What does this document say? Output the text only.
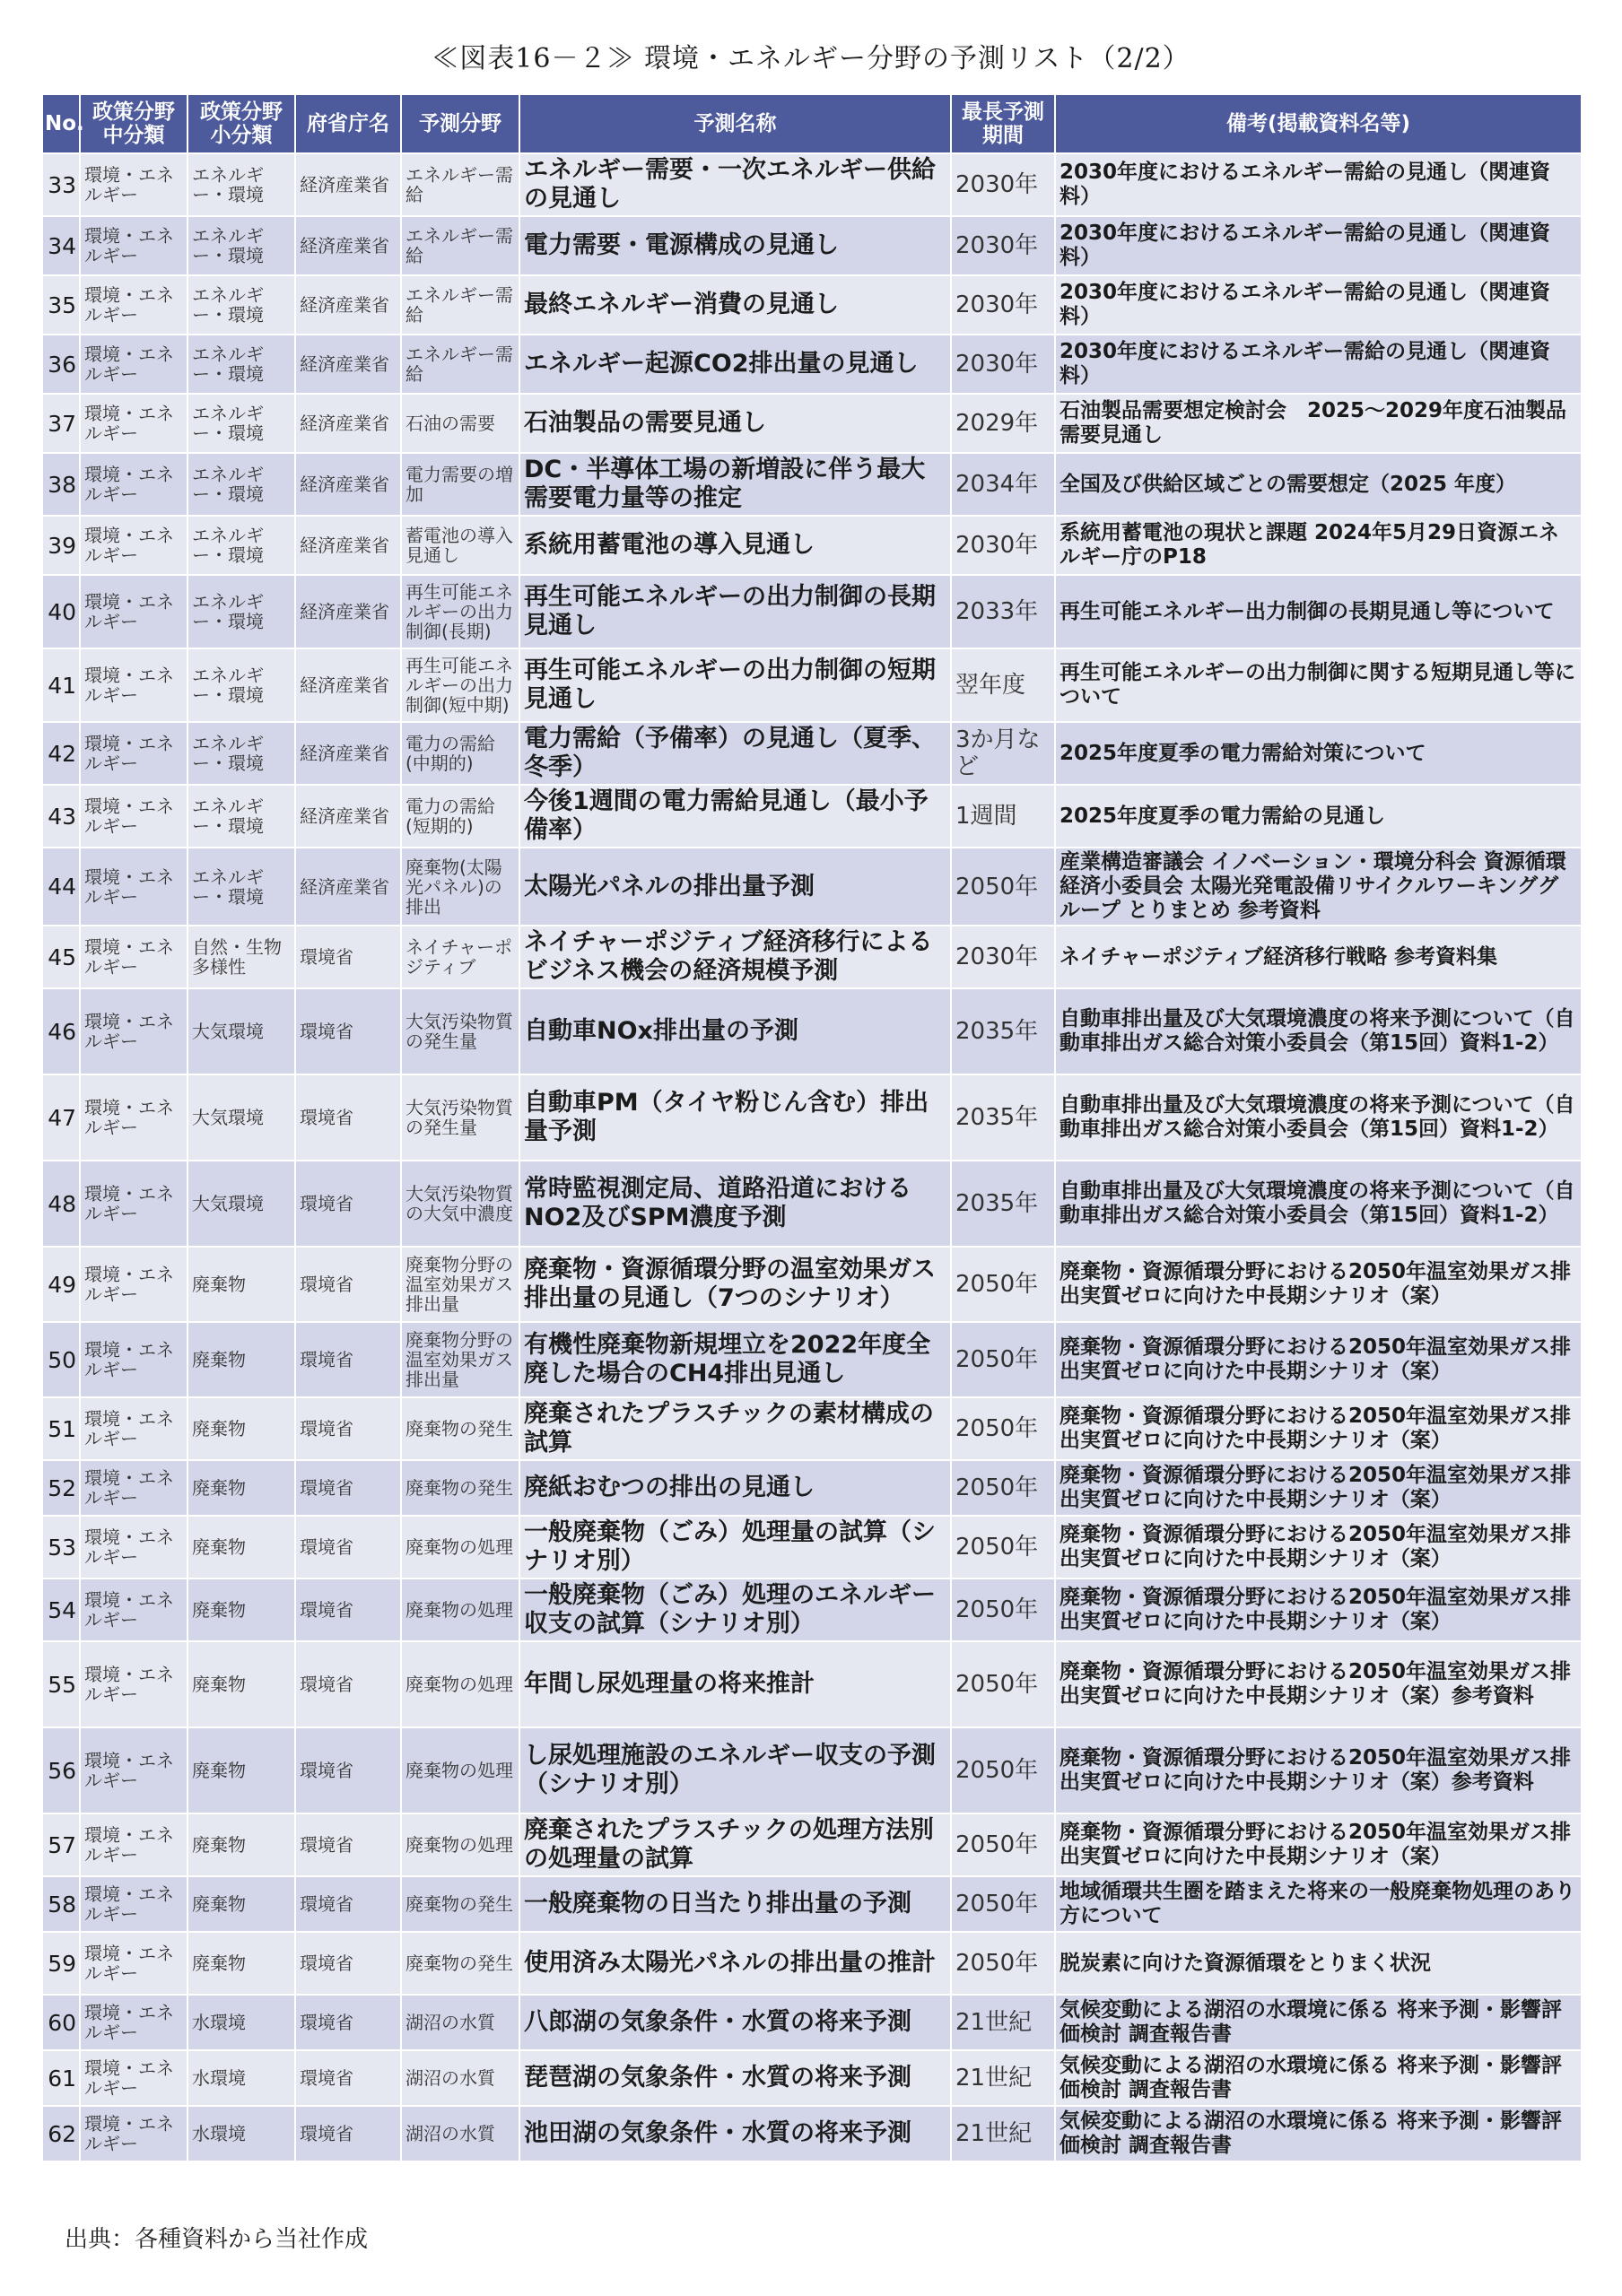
≪図表16－２≫ 環境・エネルギー分野の予測リスト（2/2）
No.	政策分野中分類	政策分野小分類	府省庁名	予測分野	予測名称	最長予測期間	備考(掲載資料名等)
33	環境・エネルギー	エネルギー・環境	経済産業省	エネルギー需給	エネルギー需要・一次エネルギー供給の見通し	2030年	2030年度におけるエネルギー需給の見通し（関連資料）
34	環境・エネルギー	エネルギー・環境	経済産業省	エネルギー需給	電力需要・電源構成の見通し	2030年	2030年度におけるエネルギー需給の見通し（関連資料）
35	環境・エネルギー	エネルギー・環境	経済産業省	エネルギー需給	最終エネルギー消費の見通し	2030年	2030年度におけるエネルギー需給の見通し（関連資料）
36	環境・エネルギー	エネルギー・環境	経済産業省	エネルギー需給	エネルギー起源CO2排出量の見通し	2030年	2030年度におけるエネルギー需給の見通し（関連資料）
37	環境・エネルギー	エネルギー・環境	経済産業省	石油の需要	石油製品の需要見通し	2029年	石油製品需要想定検討会　2025～2029年度石油製品需要見通し
38	環境・エネルギー	エネルギー・環境	経済産業省	電力需要の増加	DC・半導体工場の新増設に伴う最大需要電力量等の推定	2034年	全国及び供給区域ごとの需要想定（2025 年度）
39	環境・エネルギー	エネルギー・環境	経済産業省	蓄電池の導入見通し	系統用蓄電池の導入見通し	2030年	系統用蓄電池の現状と課題 2024年5月29日資源エネルギー庁のP18
40	環境・エネルギー	エネルギー・環境	経済産業省	再生可能エネルギーの出力制御(長期)	再生可能エネルギーの出力制御の長期見通し	2033年	再生可能エネルギー出力制御の長期見通し等について
41	環境・エネルギー	エネルギー・環境	経済産業省	再生可能エネルギーの出力制御(短中期)	再生可能エネルギーの出力制御の短期見通し	翌年度	再生可能エネルギーの出力制御に関する短期見通し等について
42	環境・エネルギー	エネルギー・環境	経済産業省	電力の需給(中期的)	電力需給（予備率）の見通し（夏季、冬季）	3か月など	2025年度夏季の電力需給対策について
43	環境・エネルギー	エネルギー・環境	経済産業省	電力の需給(短期的)	今後1週間の電力需給見通し（最小予備率）	1週間	2025年度夏季の電力需給の見通し
44	環境・エネルギー	エネルギー・環境	経済産業省	廃棄物(太陽光パネル)の排出	太陽光パネルの排出量予測	2050年	産業構造審議会 イノベーション・環境分科会 資源循環経済小委員会 太陽光発電設備リサイクルワーキンググループ とりまとめ 参考資料
45	環境・エネルギー	自然・生物多様性	環境省	ネイチャーポジティブ	ネイチャーポジティブ経済移行によるビジネス機会の経済規模予測	2030年	ネイチャーポジティブ経済移行戦略 参考資料集
46	環境・エネルギー	大気環境	環境省	大気汚染物質の発生量	自動車NOx排出量の予測	2035年	自動車排出量及び大気環境濃度の将来予測について（自動車排出ガス総合対策小委員会（第15回）資料1-2）
47	環境・エネルギー	大気環境	環境省	大気汚染物質の発生量	自動車PM（タイヤ粉じん含む）排出量予測	2035年	自動車排出量及び大気環境濃度の将来予測について（自動車排出ガス総合対策小委員会（第15回）資料1-2）
48	環境・エネルギー	大気環境	環境省	大気汚染物質の大気中濃度	常時監視測定局、道路沿道におけるNO2及びSPM濃度予測	2035年	自動車排出量及び大気環境濃度の将来予測について（自動車排出ガス総合対策小委員会（第15回）資料1-2）
49	環境・エネルギー	廃棄物	環境省	廃棄物分野の温室効果ガス排出量	廃棄物・資源循環分野の温室効果ガス排出量の見通し（7つのシナリオ）	2050年	廃棄物・資源循環分野における2050年温室効果ガス排出実質ゼロに向けた中長期シナリオ（案）
50	環境・エネルギー	廃棄物	環境省	廃棄物分野の温室効果ガス排出量	有機性廃棄物新規埋立を2022年度全廃した場合のCH4排出見通し	2050年	廃棄物・資源循環分野における2050年温室効果ガス排出実質ゼロに向けた中長期シナリオ（案）
51	環境・エネルギー	廃棄物	環境省	廃棄物の発生	廃棄されたプラスチックの素材構成の試算	2050年	廃棄物・資源循環分野における2050年温室効果ガス排出実質ゼロに向けた中長期シナリオ（案）
52	環境・エネルギー	廃棄物	環境省	廃棄物の発生	廃紙おむつの排出の見通し	2050年	廃棄物・資源循環分野における2050年温室効果ガス排出実質ゼロに向けた中長期シナリオ（案）
53	環境・エネルギー	廃棄物	環境省	廃棄物の処理	一般廃棄物（ごみ）処理量の試算（シナリオ別）	2050年	廃棄物・資源循環分野における2050年温室効果ガス排出実質ゼロに向けた中長期シナリオ（案）
54	環境・エネルギー	廃棄物	環境省	廃棄物の処理	一般廃棄物（ごみ）処理のエネルギー収支の試算（シナリオ別）	2050年	廃棄物・資源循環分野における2050年温室効果ガス排出実質ゼロに向けた中長期シナリオ（案）
55	環境・エネルギー	廃棄物	環境省	廃棄物の処理	年間し尿処理量の将来推計	2050年	廃棄物・資源循環分野における2050年温室効果ガス排出実質ゼロに向けた中長期シナリオ（案）参考資料
56	環境・エネルギー	廃棄物	環境省	廃棄物の処理	し尿処理施設のエネルギー収支の予測（シナリオ別）	2050年	廃棄物・資源循環分野における2050年温室効果ガス排出実質ゼロに向けた中長期シナリオ（案）参考資料
57	環境・エネルギー	廃棄物	環境省	廃棄物の処理	廃棄されたプラスチックの処理方法別の処理量の試算	2050年	廃棄物・資源循環分野における2050年温室効果ガス排出実質ゼロに向けた中長期シナリオ（案）
58	環境・エネルギー	廃棄物	環境省	廃棄物の発生	一般廃棄物の日当たり排出量の予測	2050年	地域循環共生圏を踏まえた将来の一般廃棄物処理のあり方について
59	環境・エネルギー	廃棄物	環境省	廃棄物の発生	使用済み太陽光パネルの排出量の推計	2050年	脱炭素に向けた資源循環をとりまく状況
60	環境・エネルギー	水環境	環境省	湖沼の水質	八郎湖の気象条件・水質の将来予測	21世紀	気候変動による湖沼の水環境に係る 将来予測・影響評価検討 調査報告書
61	環境・エネルギー	水環境	環境省	湖沼の水質	琵琶湖の気象条件・水質の将来予測	21世紀	気候変動による湖沼の水環境に係る 将来予測・影響評価検討 調査報告書
62	環境・エネルギー	水環境	環境省	湖沼の水質	池田湖の気象条件・水質の将来予測	21世紀	気候変動による湖沼の水環境に係る 将来予測・影響評価検討 調査報告書
出典：各種資料から当社作成
